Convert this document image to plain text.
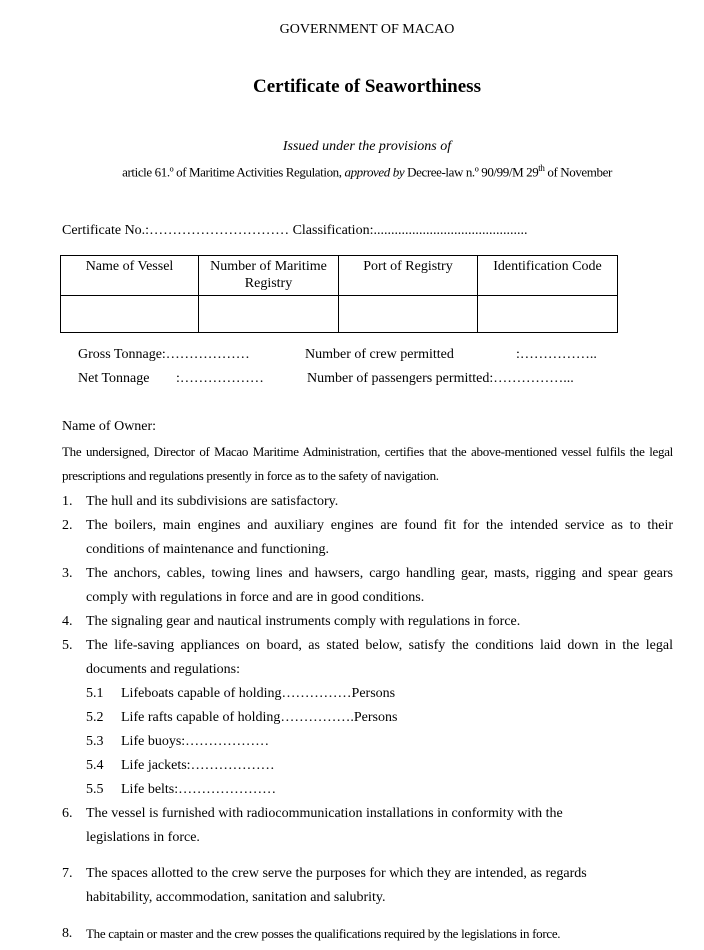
GOVERNMENT OF MACAO
Certificate of Seaworthiness
Issued under the provisions of
article 61.º of Maritime Activities Regulation, approved by Decree-law n.º 90/99/M 29th of November
Certificate No.:………………………… Classification:............................................
Name of Vessel	Number of Maritime Registry	Port of Registry	Identification Code

Gross Tonnage:………………	Number of crew permitted	:……………..
Net Tonnage :………………	Number of passengers permitted:……………...
Name of Owner:
The undersigned, Director of Macao Maritime Administration, certifies that the above-mentioned vessel fulfils the legal prescriptions and regulations presently in force as to the safety of navigation.
1. The hull and its subdivisions are satisfactory.
2. The boilers, main engines and auxiliary engines are found fit for the intended service as to their conditions of maintenance and functioning.
3. The anchors, cables, towing lines and hawsers, cargo handling gear, masts, rigging and spear gears comply with regulations in force and are in good conditions.
4. The signaling gear and nautical instruments comply with regulations in force.
5. The life-saving appliances on board, as stated below, satisfy the conditions laid down in the legal documents and regulations:
5.1 Lifeboats capable of holding……………Persons
5.2 Life rafts capable of holding…………….Persons
5.3 Life buoys:………………
5.4 Life jackets:………………
5.5 Life belts:…………………
6. The vessel is furnished with radiocommunication installations in conformity with the legislations in force.
7. The spaces allotted to the crew serve the purposes for which they are intended, as regards habitability, accommodation, sanitation and salubrity.
8. The captain or master and the crew posses the qualifications required by the legislations in force.
